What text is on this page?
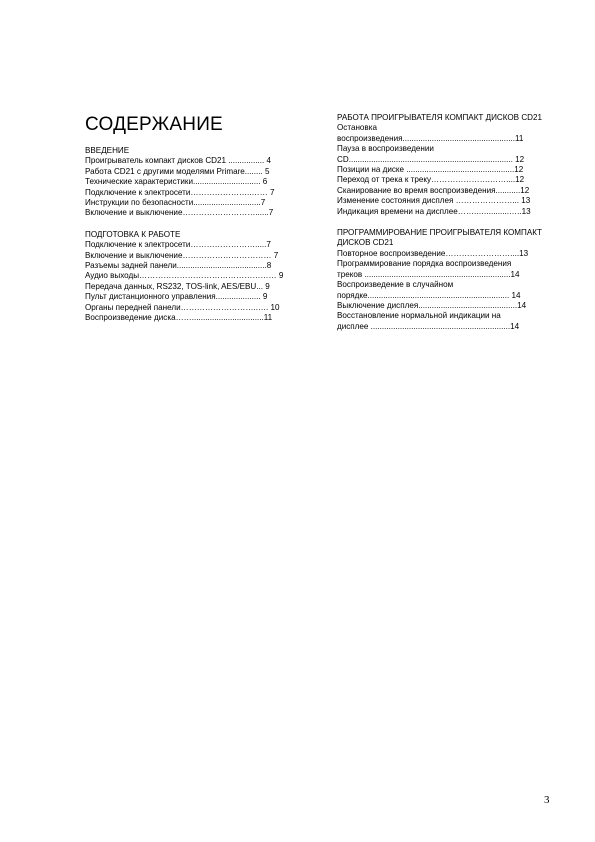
СОДЕРЖАНИЕ
ВВЕДЕНИЕ
Проигрыватель компакт дисков CD21 ................ 4
Работа CD21 с другими моделями Primare........ 5
Технические характеристики.............................. 6
Подключение к электросети…………………..…… 7
Инструкции по безопасности..............................7
Включение и выключение………………………......7
ПОДГОТОВКА К РАБОТЕ
Подключение к электросети…………………….....7
Включение и выключение…………………………… 7
Разъемы задней панели........................................8
Аудио выходы…………………………………………… 9
Передача данных, RS232, TOS-link, AES/EBU... 9
Пульт дистанционного управления.................... 9
Органы передней панели………………………..…. 10
Воспроизведение диска……................................11
РАБОТА ПРОИГРЫВАТЕЛЯ КОМПАКТ ДИСКОВ CD21
Остановка
воспроизведения..................................................11
Пауза в воспроизведении
CD......................................................................... 12
Позиции на диске ................................................12
Переход от трека к треку………………….……....12
Сканирование во время воспроизведения...........12
Изменение состояния дисплея …………………... 13
Индикация времени на дисплее……..…..........…..13
ПРОГРАММИРОВАНИЕ ПРОИГРЫВАТЕЛЯ КОМПАКТ ДИСКОВ CD21
Повторное воспроизведение……………………....13
Программирование порядка воспроизведения
треков .................................................................14
Воспроизведение в случайном
порядке............................................................... 14
Выключение дисплея............................................14
Восстановление нормальной индикации на
дисплее ..............................................................14
3
